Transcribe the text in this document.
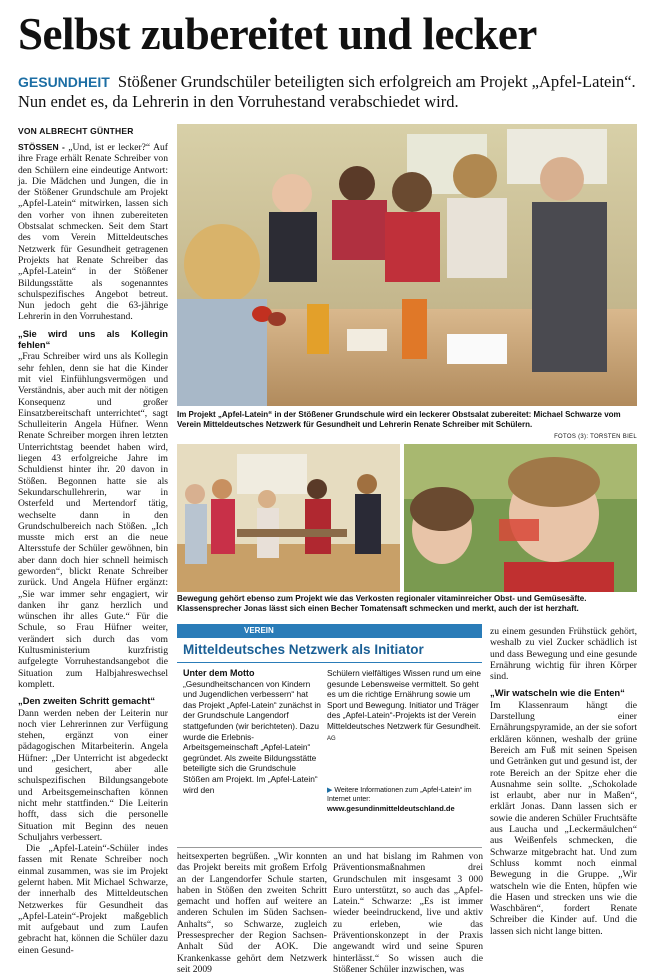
Selbst zubereitet und lecker
GESUNDHEIT Stößener Grundschüler beteiligten sich erfolgreich am Projekt „Apfel-Latein“. Nun endet es, da Lehrerin in den Vorruhestand verabschiedet wird.
VON ALBRECHT GÜNTHER

STÖSSEN - „Und, ist er lecker?“ Auf ihre Frage erhält Renate Schreiber von den Schülern eine eindeutige Antwort: ja. Die Mädchen und Jungen, die in der Stößener Grundschule am Projekt „Apfel-Latein“ mitwirken, lassen sich den vorher von ihnen zubereiteten Obstsalat schmecken. Seit dem Start des vom Verein Mitteldeutsches Netzwerk für Gesundheit getragenen Projekts hat Renate Schreiber das „Apfel-Latein“ in der Stößener Bildungsstätte als sogenanntes schulspezifisches Angebot betreut. Nun jedoch geht die 63-jährige Lehrerin in den Vorruhestand.

„Sie wird uns als Kollegin fehlen“

„Frau Schreiber wird uns als Kollegin sehr fehlen, denn sie hat die Kinder mit viel Einfühlungsvermögen und Verständnis, aber auch mit der nötigen Konsequenz und großer Einsatzbereitschaft unterrichtet“, sagt Schulleiterin Angela Hüfner. Wenn Renate Schreiber morgen ihren letzten Unterrichtstag beendet haben wird, liegen 43 erfolgreiche Jahre im Schuldienst hinter ihr. 20 davon in Stößen. Begonnen hatte sie als Sekundarschullehrerin, war in Osterfeld und Mertendorf tätig, wechselte dann in den Grundschulbereich nach Stößen. „Ich musste mich erst an die neue Altersstufe der Schüler gewöhnen, bin aber dann doch hier schnell heimisch geworden“, blickt Renate Schreiber zurück. Und Angela Hüfner ergänzt: „Sie war immer sehr engagiert, wir danken ihr ganz herzlich und wünschen ihr alles Gute.“ Für die Schule, so Frau Hüfner weiter, verändert sich durch das vom Kultusministerium kurzfristig aufgelegte Vorruhestandsangebot die Situation zum Halbjahreswechsel komplett.

„Den zweiten Schritt gemacht“

Dann werden neben der Leiterin nur noch vier Lehrerinnen zur Verfügung stehen, ergänzt von einer pädagogischen Mitarbeiterin. Angela Hüfner: „Der Unterricht ist abgedeckt und gesichert, aber alle schulspezifischen Bildungsangebote und Arbeitsgemeinschaften können nicht mehr stattfinden.“ Die Leiterin hofft, dass sich die personelle Situation mit Beginn des neuen Schuljahrs verbessert.

Die „Apfel-Latein“-Schüler indes fassen mit Renate Schreiber noch einmal zusammen, was sie im Projekt gelernt haben. Mit Michael Schwarze, der innerhalb des Mitteldeutschen Netzwerkes für Gesundheit das „Apfel-Latein“-Projekt maßgeblich mit aufgebaut und zum Laufen gebracht hat, können die Schüler dazu einen Gesund-

Im Projekt „Apfel-Latein“ in der Stößener Grundschule wird ein leckerer Obstsalat zubereitet: Michael Schwarze vom Verein Mitteldeutsches Netzwerk für Gesundheit und Lehrerin Renate Schreiber mit Schülern.
FOTOS (3): TORSTEN BIEL
Bewegung gehört ebenso zum Projekt wie das Verkosten regionaler vitaminreicher Obst- und Gemüsesäfte. Klassensprecher Jonas lässt sich einen Becher Tomatensaft schmecken und merkt, auch der ist herzhaft.
VEREIN
Mitteldeutsches Netzwerk als Initiator
Unter dem Motto „Gesundheitschancen von Kindern und Jugendlichen verbessern“ hat das Projekt „Apfel-Latein“ zunächst in der Grundschule Langendorf stattgefunden (wir berichteten). Dazu wurde die Erlebnis-Arbeitsgemeinschaft „Apfel-Latein“ gegründet. Als zweite Bildungsstätte beteiligte sich die Grundschule Stößen am Projekt. Im „Apfel-Latein“ wird den
Schülern vielfältiges Wissen rund um eine gesunde Lebensweise vermittelt. So geht es um die richtige Ernährung sowie um Sport und Bewegung. Initiator und Träger des „Apfel-Latein“-Projekts ist der Verein Mitteldeutsches Netzwerk für Gesundheit. AG
▶ Weitere Informationen zum „Apfel-Latein“ im Internet unter:
www.gesundinmitteldeutschland.de
heitsexperten begrüßen. „Wir konnten das Projekt bereits mit großem Erfolg an der Langendorfer Schule starten, haben in Stößen den zweiten Schritt gemacht und hoffen auf weitere an anderen Schulen im Süden Sachsen-Anhalts“, so Schwarze, zugleich Pressesprecher der Region Sachsen-Anhalt Süd der AOK. Die Krankenkasse gehört dem Netzwerk seit 2009
an und hat bislang im Rahmen von Präventionsmaßnahmen drei Grundschulen mit insgesamt 3 000 Euro unterstützt, so auch das „Apfel-Latein.“ Schwarze: „Es ist immer wieder beeindruckend, live und aktiv zu erleben, wie das Präventionskonzept in der Praxis angewandt wird und seine Spuren hinterlässt.“ So wissen auch die Stößener Schüler inzwischen, was

zu einem gesunden Frühstück gehört, weshalb zu viel Zucker schädlich ist und dass Bewegung und eine gesunde Ernährung wichtig für ihren Körper sind.

„Wir watscheln wie die Enten“

Im Klassenraum hängt die Darstellung einer Ernährungspyramide, an der sie sofort erklären können, weshalb der grüne Bereich am Fuß mit seinen Speisen und Getränken gut und gesund ist, der rote Bereich an der Spitze eher die Ausnahme sein sollte. „Schokolade ist erlaubt, aber nur in Maßen“, erklärt Jonas. Dann lassen sich er sowie die anderen Schüler Fruchtsäfte aus Laucha und „Leckermäulchen“ aus Weißenfels schmecken, die Schwarze mitgebracht hat. Und zum Schluss kommt noch einmal Bewegung in die Gruppe. „Wir watscheln wie die Enten, hüpfen wie die Hasen und strecken uns wie die Waschbären“, fordert Renate Schreiber die Kinder auf. Und die lassen sich nicht lange bitten.
